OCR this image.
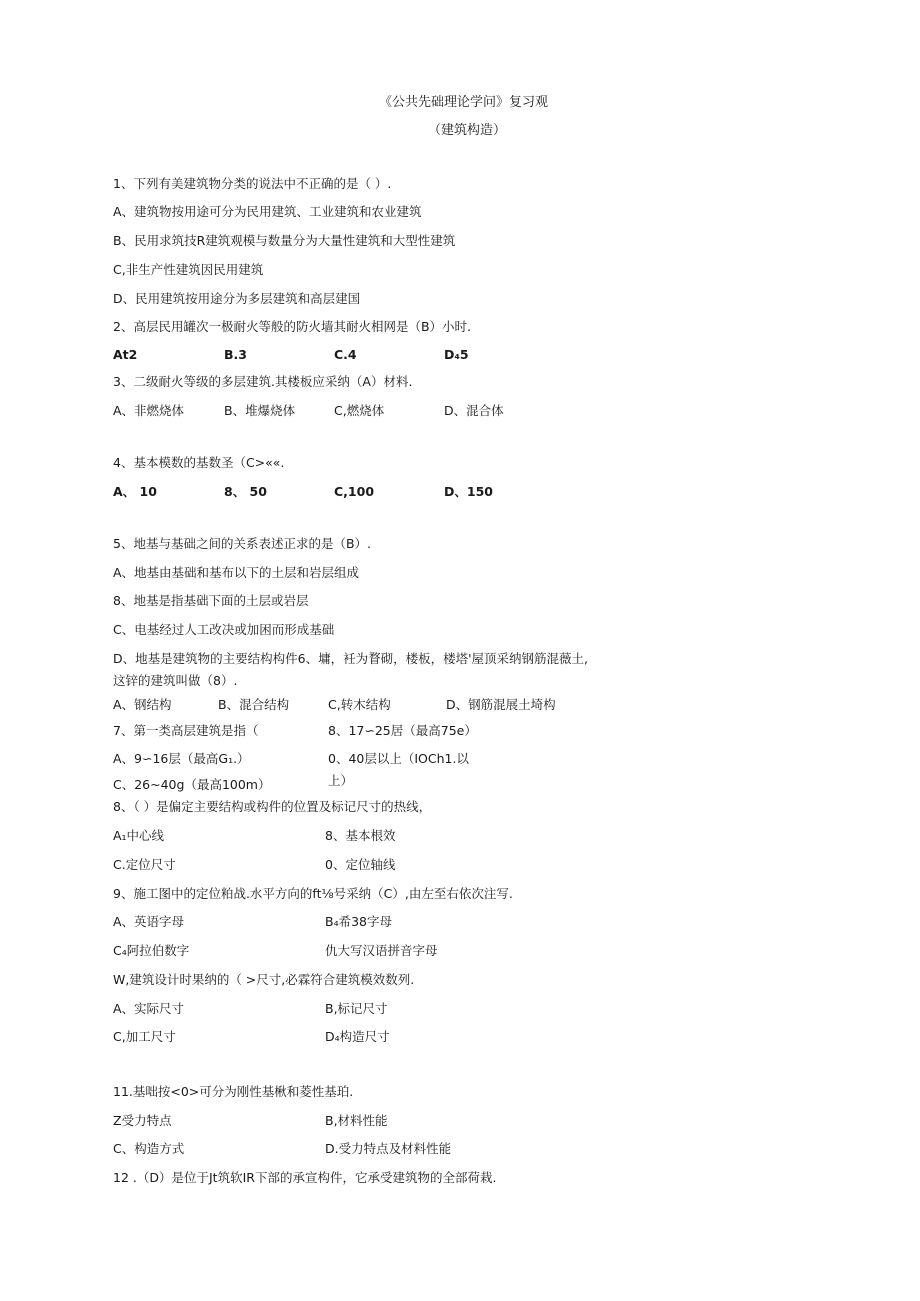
《公共先础理论学问》复习观
（建筑构造）
1、下列有美建筑物分类的说法中不正确的是（ ）.
A、建筑物按用途可分为民用建筑、工业建筑和农业建筑
B、民用求筑技R建筑观模与数量分为大量性建筑和大型性建筑
C,非生产性建筑因民用建筑
D、民用建筑按用途分为多层建筑和高层建国
2、高层民用罐次一极耐火等般的防火墙其耐火相网是（B）小时.
At2	B.3	C.4	D₄5
3、二级耐火等级的多层建筑.其楼板应采纳（A）材料.
A、非燃烧体	B、堆爆烧体	C,燃烧体	D、混合体
4、基本模数的基数圣（C>««.
A、 10	8、 50	C,100	D、150
5、地基与基础之间的关系表述正求的是（B）.
A、地基由基础和基布以下的土层和岩层组成
8、地基是指基础下面的土层或岩层
C、电基经过人工改决或加困而形成基础
D、地基是建筑物的主要结构构件6、墉，衽为瞀砌，楼板，楼塔'屋顶采纳钢筋混薇土,
这锌的建筑叫做（8）.
A、钢结构	B、混合结构	C,转木结构	D、钢筋混展土埼构
7、第一类高层建筑是指（	8、17∽25居（最高75e）
A、9∽16层（最高G₁.）	0、40层以上（IOCh1.以
C、26~40g（最高100m）	上）
8、（ ）是偏定主要结构或构件的位置及标记尺寸的热线，
A₁中心线	8、基本根效
C.定位尺寸	0、定位轴线
9、施工图中的定位粕战.水平方向的ft⅛号采纳（C）,由左至右依次注写.
A、英语字母	B₄希38字母
C₄阿拉伯数字	仇大写汉语拼音字母
W,建筑设计时果纳的（ >尺寸,必霖符合建筑模效数列.
A、实际尺寸	B,标记尺寸
C,加工尺寸	D₄构造尺寸
11.基咄按<0>可分为刚性基楸和菱性基珀.
Z受力特点	B,材料性能
C、构造方式	D.受力特点及材料性能
12 .（D）是位于Jt筑软IR下部的承宣构件，它承受建筑物的全部荷栽.
